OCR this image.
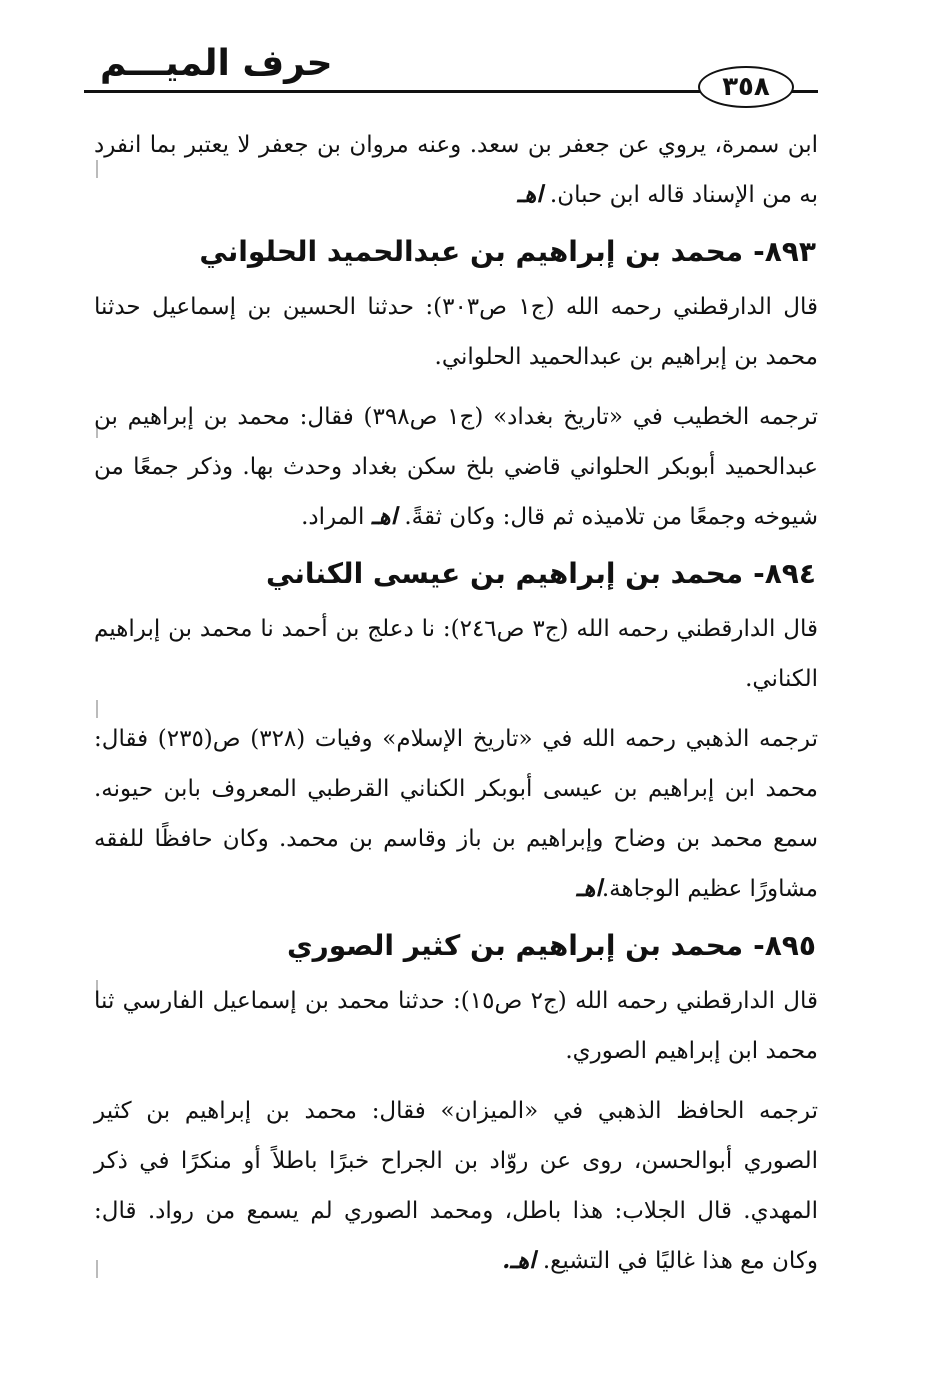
حرف الميـــم
٣٥٨

ابن سمرة، يروي عن جعفر بن سعد. وعنه مروان بن جعفر لا يعتبر بما انفرد به من الإسناد قاله ابن حبان. اهـ

٨٩٣-محمد بن إبراهيم بن عبدالحميد الحلواني

قال الدارقطني رحمه الله (ج١ ص٣٠٣): حدثنا الحسين بن إسماعيل حدثنا محمد بن إبراهيم بن عبدالحميد الحلواني.

ترجمه الخطيب في «تاريخ بغداد» (ج١ ص٣٩٨) فقال: محمد بن إبراهيم بن عبدالحميد أبوبكر الحلواني قاضي بلخ سكن بغداد وحدث بها. وذكر جمعًا من شيوخه وجمعًا من تلاميذه ثم قال: وكان ثقةً. اهـ المراد.

٨٩٤-محمد بن إبراهيم بن عيسى الكناني

قال الدارقطني رحمه الله (ج٣ ص٢٤٦): نا دعلج بن أحمد نا محمد بن إبراهيم الكناني.

ترجمه الذهبي رحمه الله في «تاريخ الإسلام» وفيات (٣٢٨) ص(٢٣٥) فقال: محمد ابن إبراهيم بن عيسى أبوبكر الكناني القرطبي المعروف بابن حيونه. سمع محمد بن وضاح وإبراهيم بن باز وقاسم بن محمد. وكان حافظًا للفقه مشاورًا عظيم الوجاهة.اهـ

٨٩٥-محمد بن إبراهيم بن كثير الصوري

قال الدارقطني رحمه الله (ج٢ ص١٥): حدثنا محمد بن إسماعيل الفارسي ثنا محمد ابن إبراهيم الصوري.

ترجمه الحافظ الذهبي في «الميزان» فقال: محمد بن إبراهيم بن كثير الصوري أبوالحسن، روى عن روّاد بن الجراح خبرًا باطلاً أو منكرًا في ذكر المهدي. قال الجلاب: هذا باطل، ومحمد الصوري لم يسمع من رواد. قال: وكان مع هذا غاليًا في التشيع. اهـ.
